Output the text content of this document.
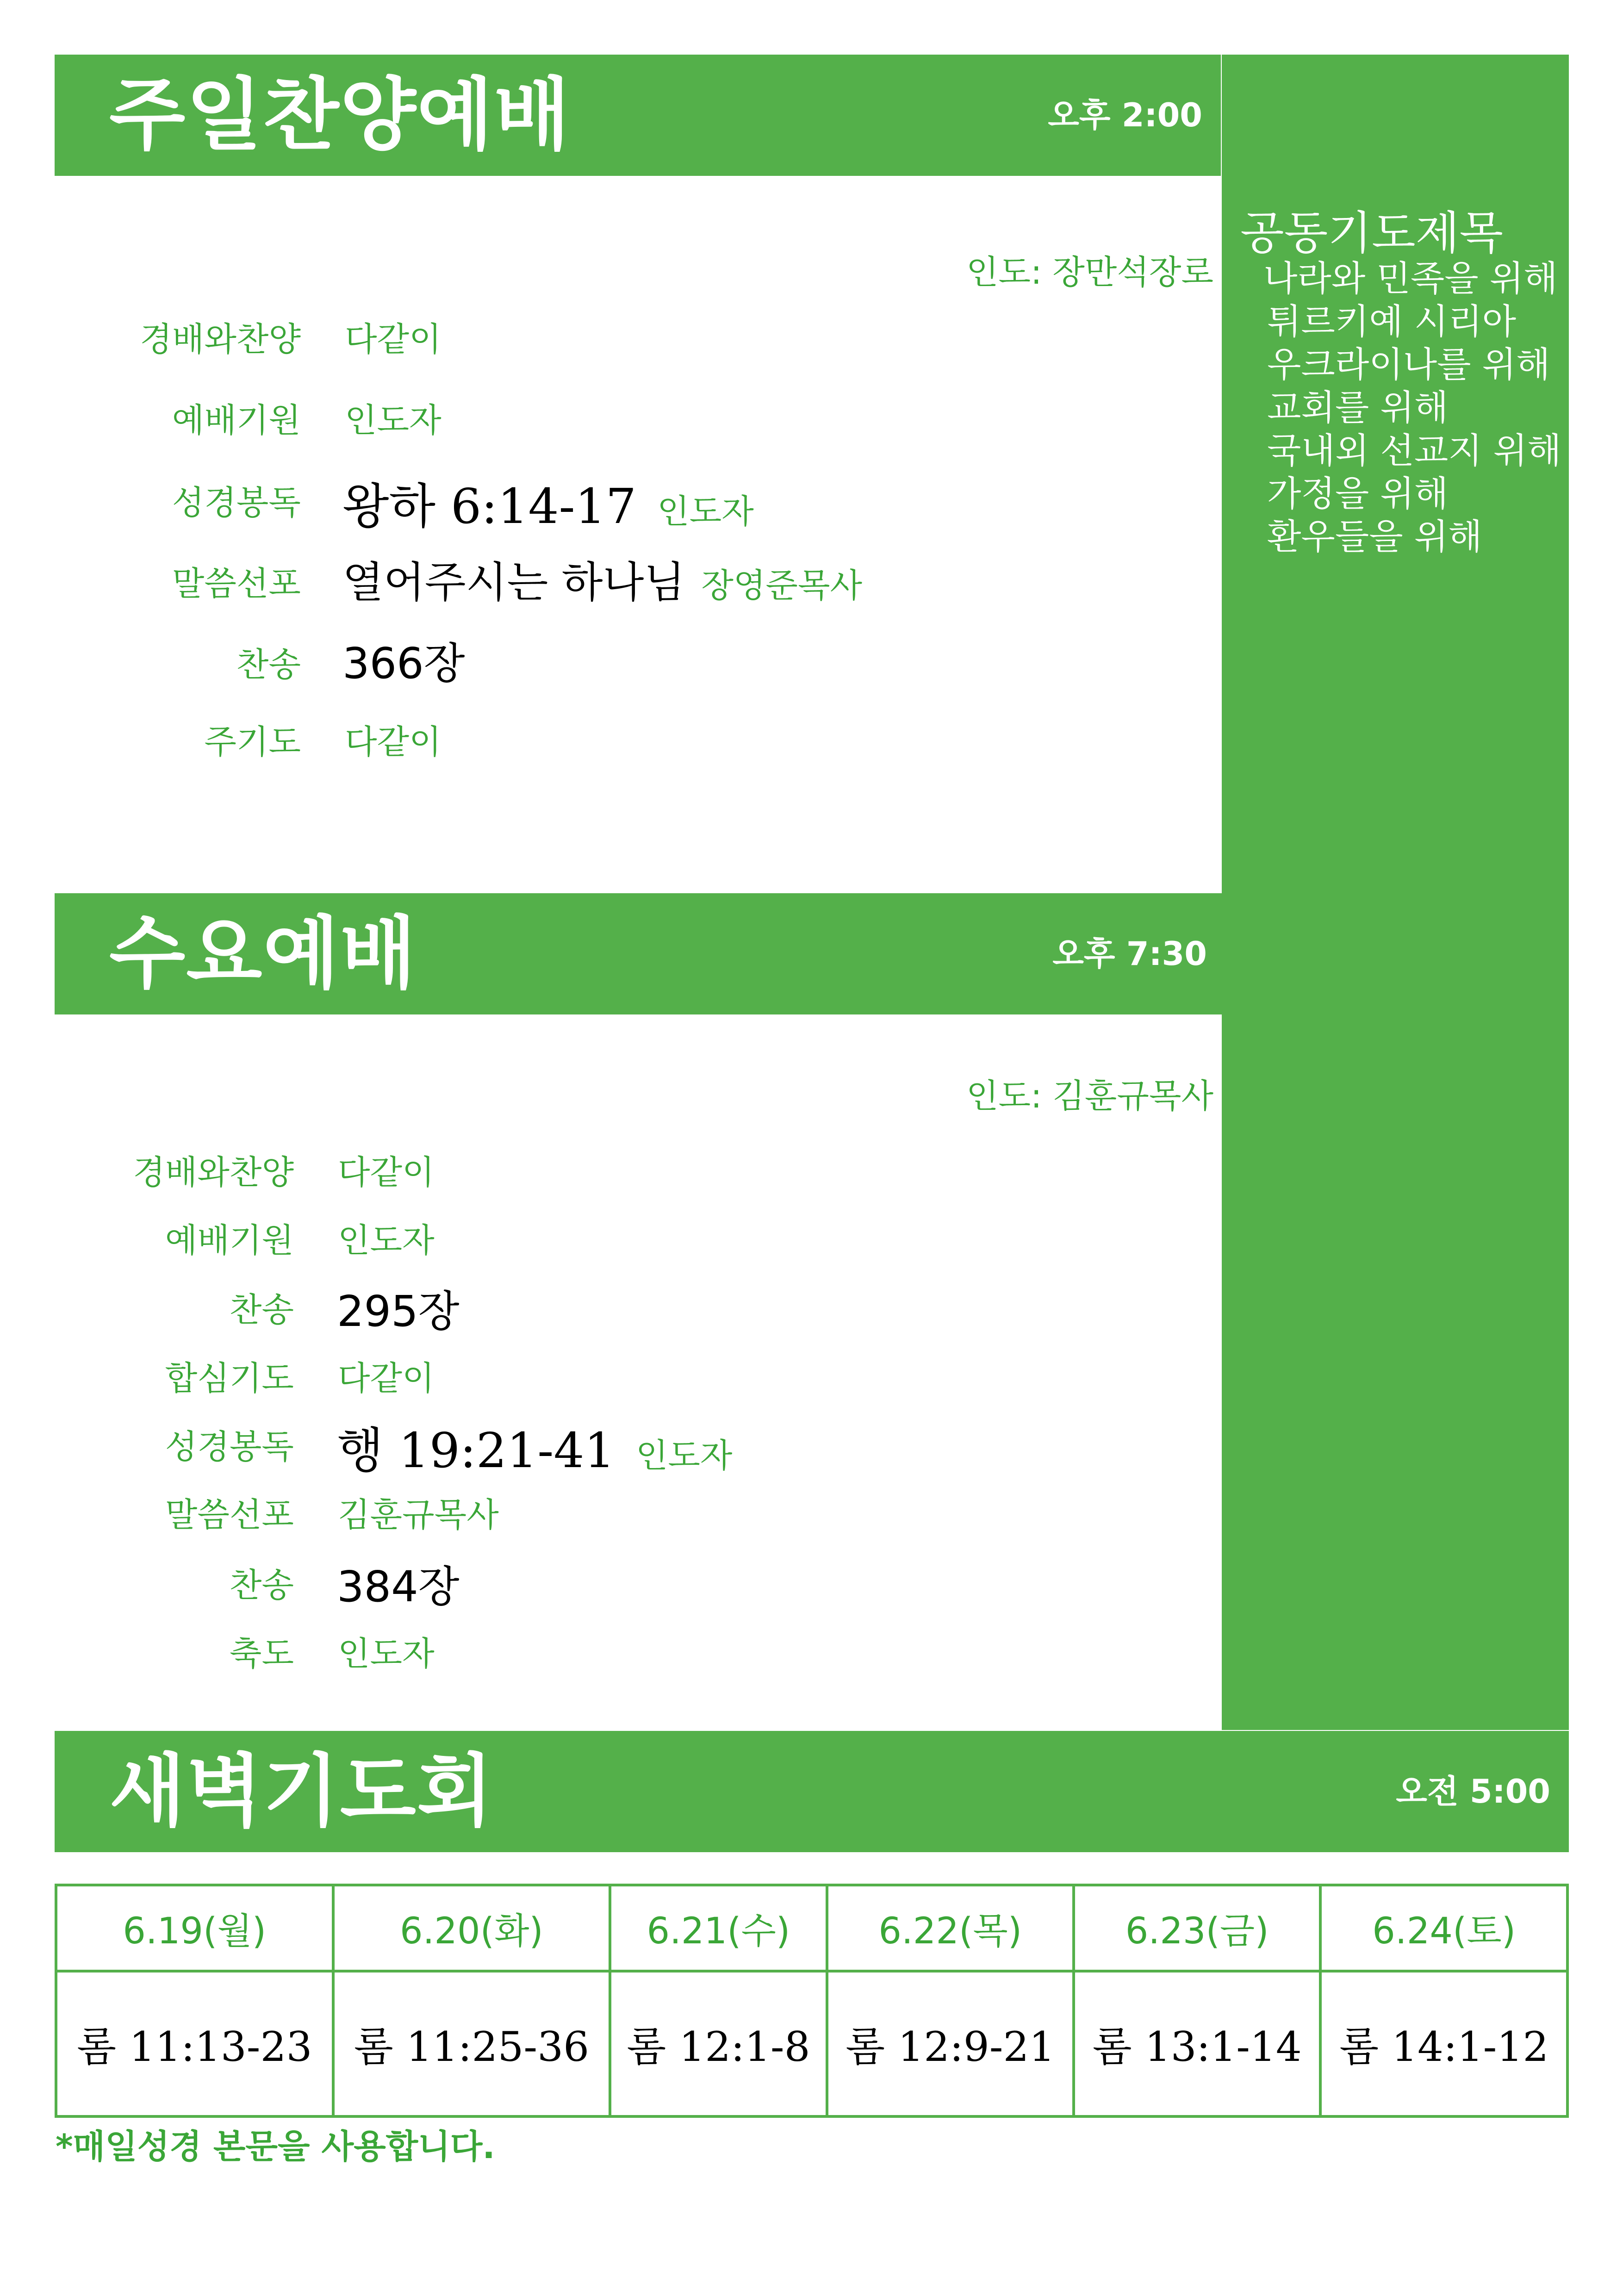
공동기도제목
나라와 민족을 위해
튀르키예 시리아
우크라이나를 위해
교회를 위해
국내외 선교지 위해
가정을 위해
환우들을 위해
주일찬양예배	오후 2:00
인도: 장만석장로
경배와찬양 다같이
예배기원 인도자
성경봉독 왕하 6:14-17 인도자
말씀선포 열어주시는 하나님 장영준목사
찬송 366장
주기도 다같이
수요예배	오후 7:30
인도: 김훈규목사
경배와찬양 다같이
예배기원 인도자
찬송 295장
합심기도 다같이
성경봉독 행 19:21-41 인도자
말씀선포 김훈규목사
찬송 384장
축도 인도자
새벽기도회	오전 5:00
6.19(월)	6.20(화)	6.21(수)	6.22(목)	6.23(금)	6.24(토)
롬 11:13-23	롬 11:25-36	롬 12:1-8	롬 12:9-21	롬 13:1-14	롬 14:1-12
*매일성경 본문을 사용합니다.
